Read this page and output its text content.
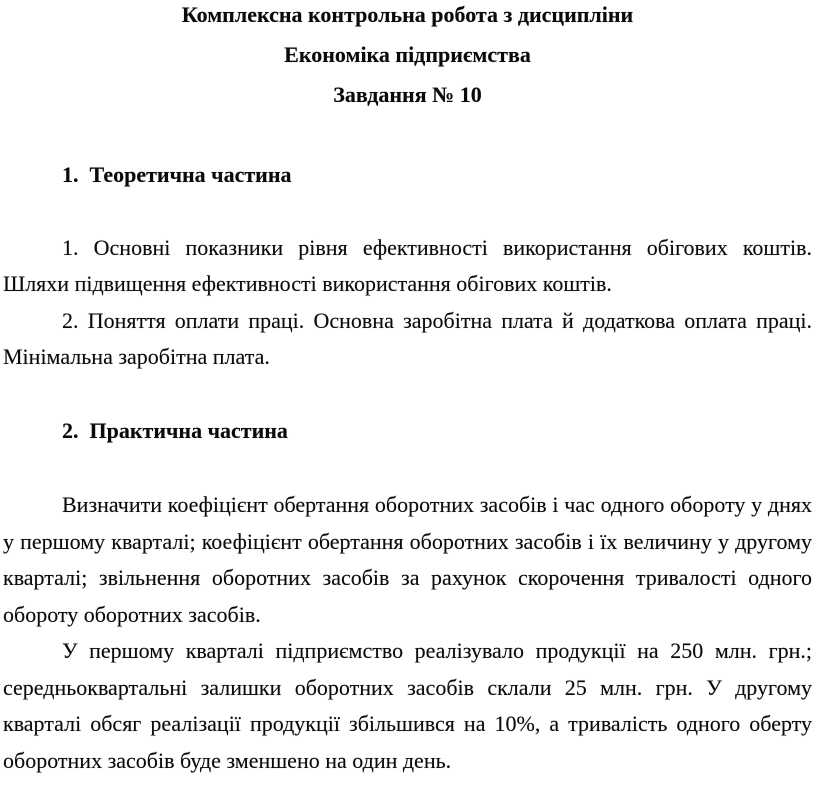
Комплексна контрольна робота з дисципліни
Економіка підприємства
Завдання № 10
1. Теоретична частина

1. Основні показники рівня ефективності використання обігових коштів. Шляхи підвищення ефективності використання обігових коштів.

2. Поняття оплати праці. Основна заробітна плата й додаткова оплата праці. Мінімальна заробітна плата.

2. Практична частина

Визначити коефіцієнт обертання оборотних засобів і час одного обороту у днях у першому кварталі; коефіцієнт обертання оборотних засобів і їх величину у другому кварталі; звільнення оборотних засобів за рахунок скорочення тривалості одного обороту оборотних засобів.

У першому кварталі підприємство реалізувало продукції на 250 млн. грн.; середньоквартальні залишки оборотних засобів склали 25 млн. грн. У другому кварталі обсяг реалізації продукції збільшився на 10%, а тривалість одного оберту оборотних засобів буде зменшено на один день.
